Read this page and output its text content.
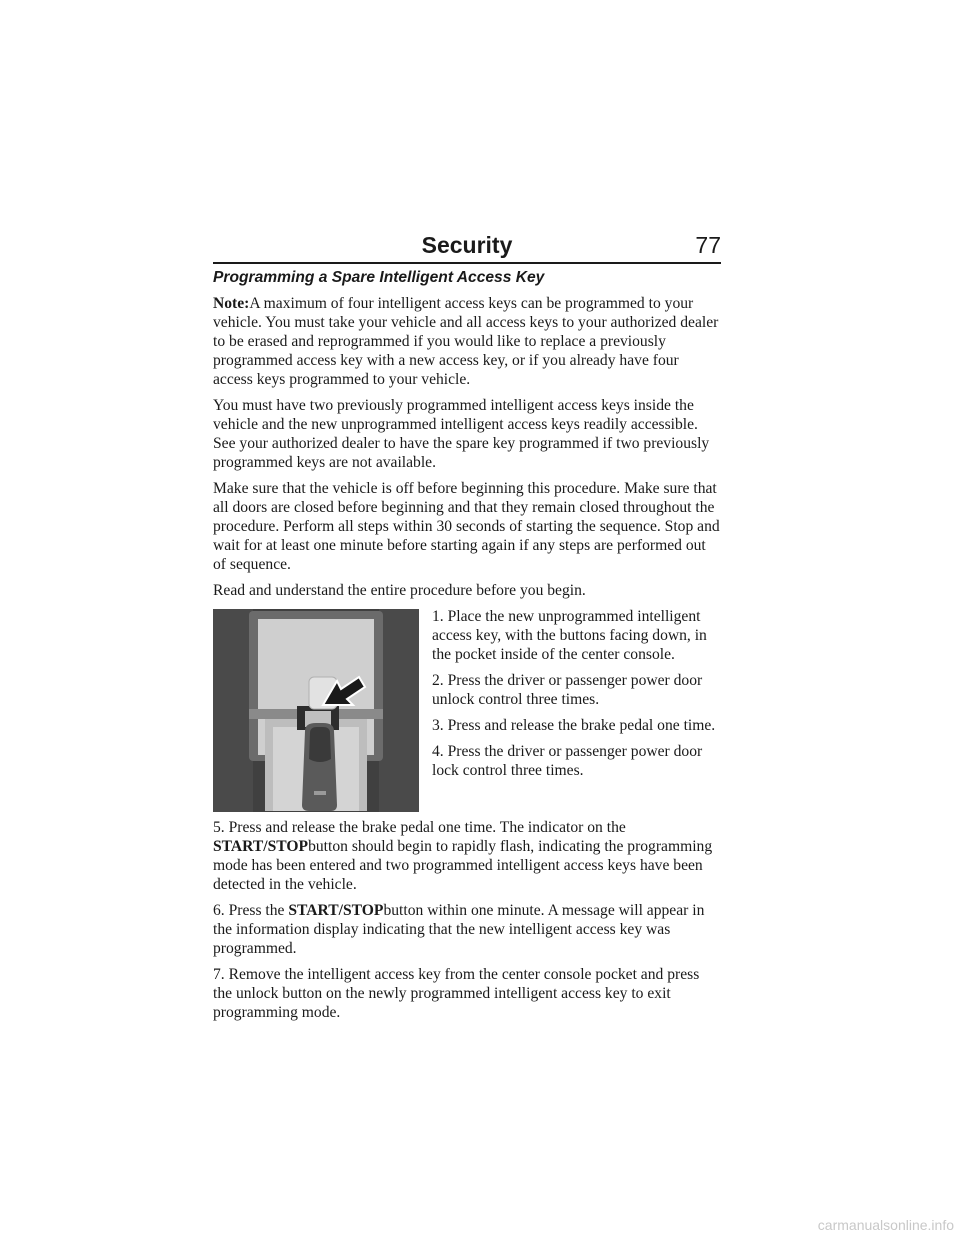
Security	77
Programming a Spare Intelligent Access Key

Note:A maximum of four intelligent access keys can be programmed to your vehicle. You must take your vehicle and all access keys to your authorized dealer to be erased and reprogrammed if you would like to replace a previously programmed access key with a new access key, or if you already have four access keys programmed to your vehicle.

You must have two previously programmed intelligent access keys inside the vehicle and the new unprogrammed intelligent access keys readily accessible. See your authorized dealer to have the spare key programmed if two previously programmed keys are not available.

Make sure that the vehicle is off before beginning this procedure. Make sure that all doors are closed before beginning and that they remain closed throughout the procedure. Perform all steps within 30 seconds of starting the sequence. Stop and wait for at least one minute before starting again if any steps are performed out of sequence.

Read and understand the entire procedure before you begin.

1. Place the new unprogrammed intelligent access key, with the buttons facing down, in the pocket inside of the center console.

2. Press the driver or passenger power door unlock control three times.

3. Press and release the brake pedal one time.

4. Press the driver or passenger power door lock control three times.

5. Press and release the brake pedal one time. The indicator on the START/STOPbutton should begin to rapidly flash, indicating the programming mode has been entered and two programmed intelligent access keys have been detected in the vehicle.

6. Press the START/STOPbutton within one minute. A message will appear in the information display indicating that the new intelligent access key was programmed.

7. Remove the intelligent access key from the center console pocket and press the unlock button on the newly programmed intelligent access key to exit programming mode.

carmanualsonline.info
